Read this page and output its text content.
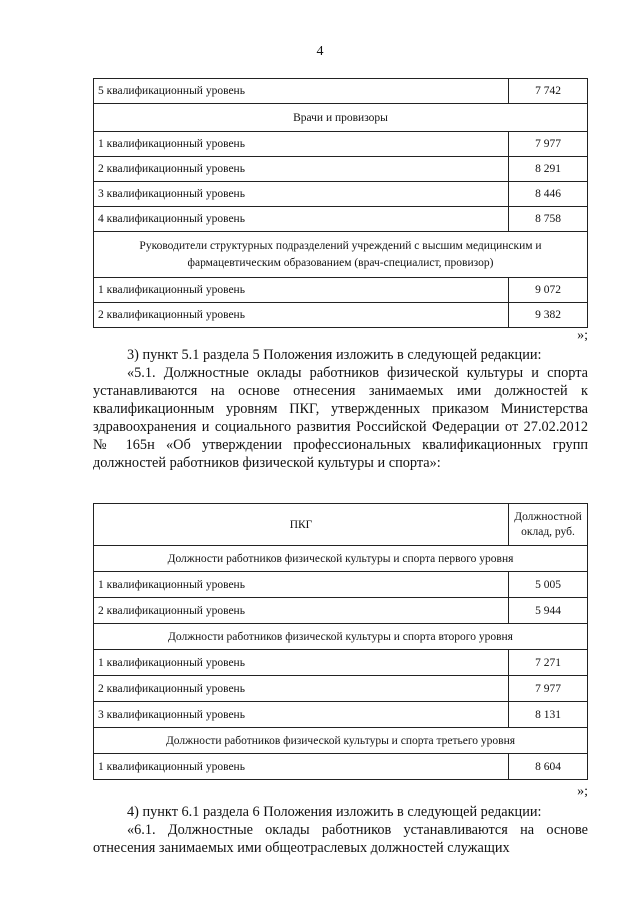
4
5 квалификационный уровень	7 742
Врачи и провизоры	
1 квалификационный уровень	7 977
2 квалификационный уровень	8 291
3 квалификационный уровень	8 446
4 квалификационный уровень	8 758
Руководители структурных подразделений учреждений с высшим медицинским и фармацевтическим образованием (врач-специалист, провизор)	
1 квалификационный уровень	9 072
2 квалификационный уровень	9 382
»;
3) пункт 5.1 раздела 5 Положения изложить в следующей редакции:
«5.1. Должностные оклады работников физической культуры и спорта устанавливаются на основе отнесения занимаемых ими должностей к квалификационным уровням ПКГ, утвержденных приказом Министерства здравоохранения и социального развития Российской Федерации от 27.02.2012 № 165н «Об утверждении профессиональных квалификационных групп должностей работников физической культуры и спорта»:
ПКГ	Должностной оклад, руб.
Должности работников физической культуры и спорта первого уровня	
1 квалификационный уровень	5 005
2 квалификационный уровень	5 944
Должности работников физической культуры и спорта второго уровня	
1 квалификационный уровень	7 271
2 квалификационный уровень	7 977
3 квалификационный уровень	8 131
Должности работников физической культуры и спорта третьего уровня	
1 квалификационный уровень	8 604
»;
4) пункт 6.1 раздела 6 Положения изложить в следующей редакции:
«6.1. Должностные оклады работников устанавливаются на основе отнесения занимаемых ими общеотраслевых должностей служащих
